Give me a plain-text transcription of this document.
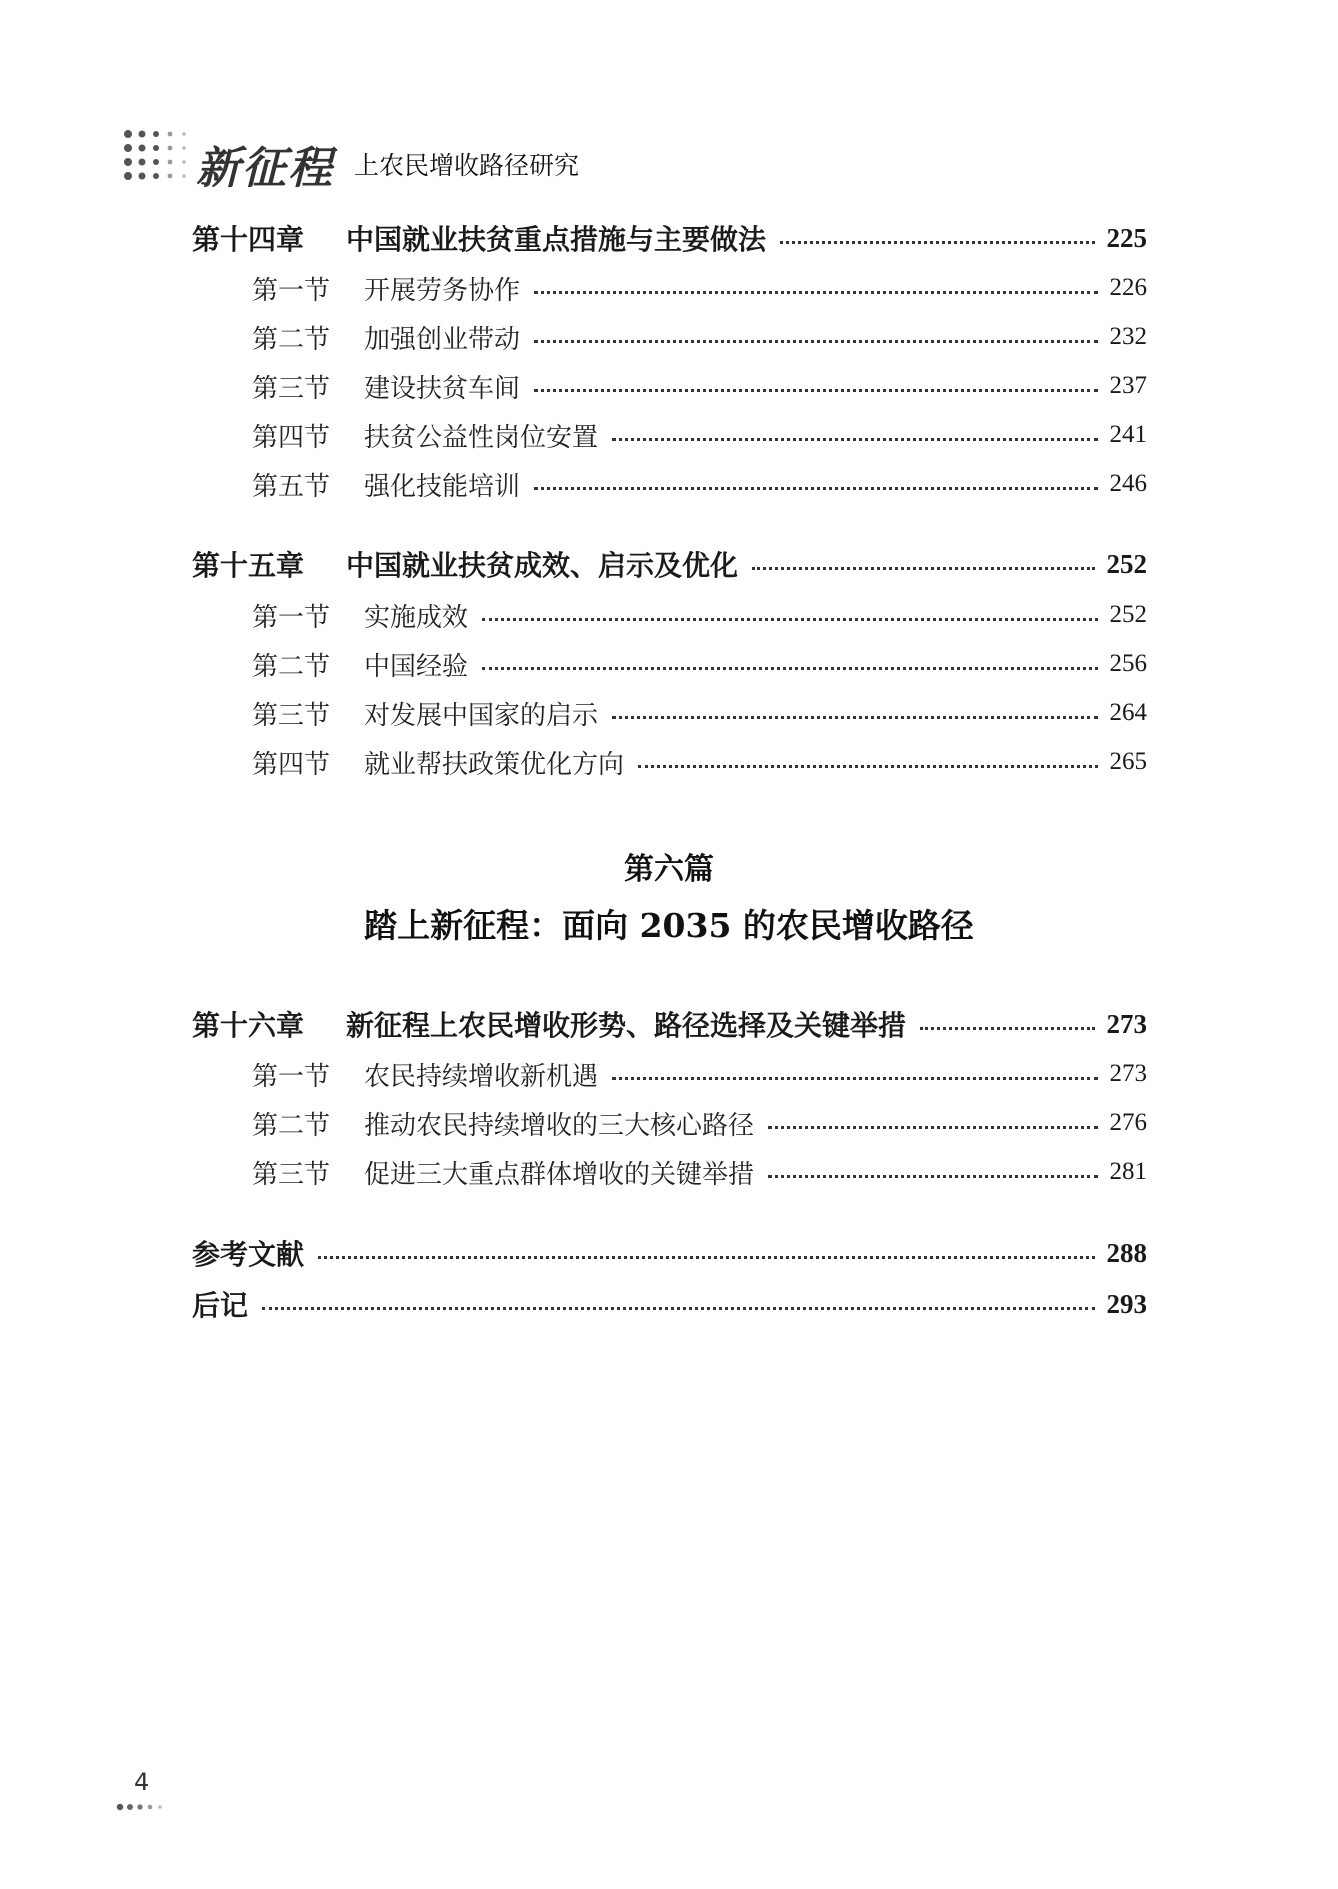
新征程 上农民增收路径研究
第十四章	中国就业扶贫重点措施与主要做法	225
第一节	开展劳务协作	226
第二节	加强创业带动	232
第三节	建设扶贫车间	237
第四节	扶贫公益性岗位安置	241
第五节	强化技能培训	246
第十五章	中国就业扶贫成效、启示及优化	252
第一节	实施成效	252
第二节	中国经验	256
第三节	对发展中国家的启示	264
第四节	就业帮扶政策优化方向	265
第六篇
踏上新征程：面向 2035 的农民增收路径
第十六章	新征程上农民增收形势、路径选择及关键举措	273
第一节	农民持续增收新机遇	273
第二节	推动农民持续增收的三大核心路径	276
第三节	促进三大重点群体增收的关键举措	281
参考文献	288
后记	293
4
